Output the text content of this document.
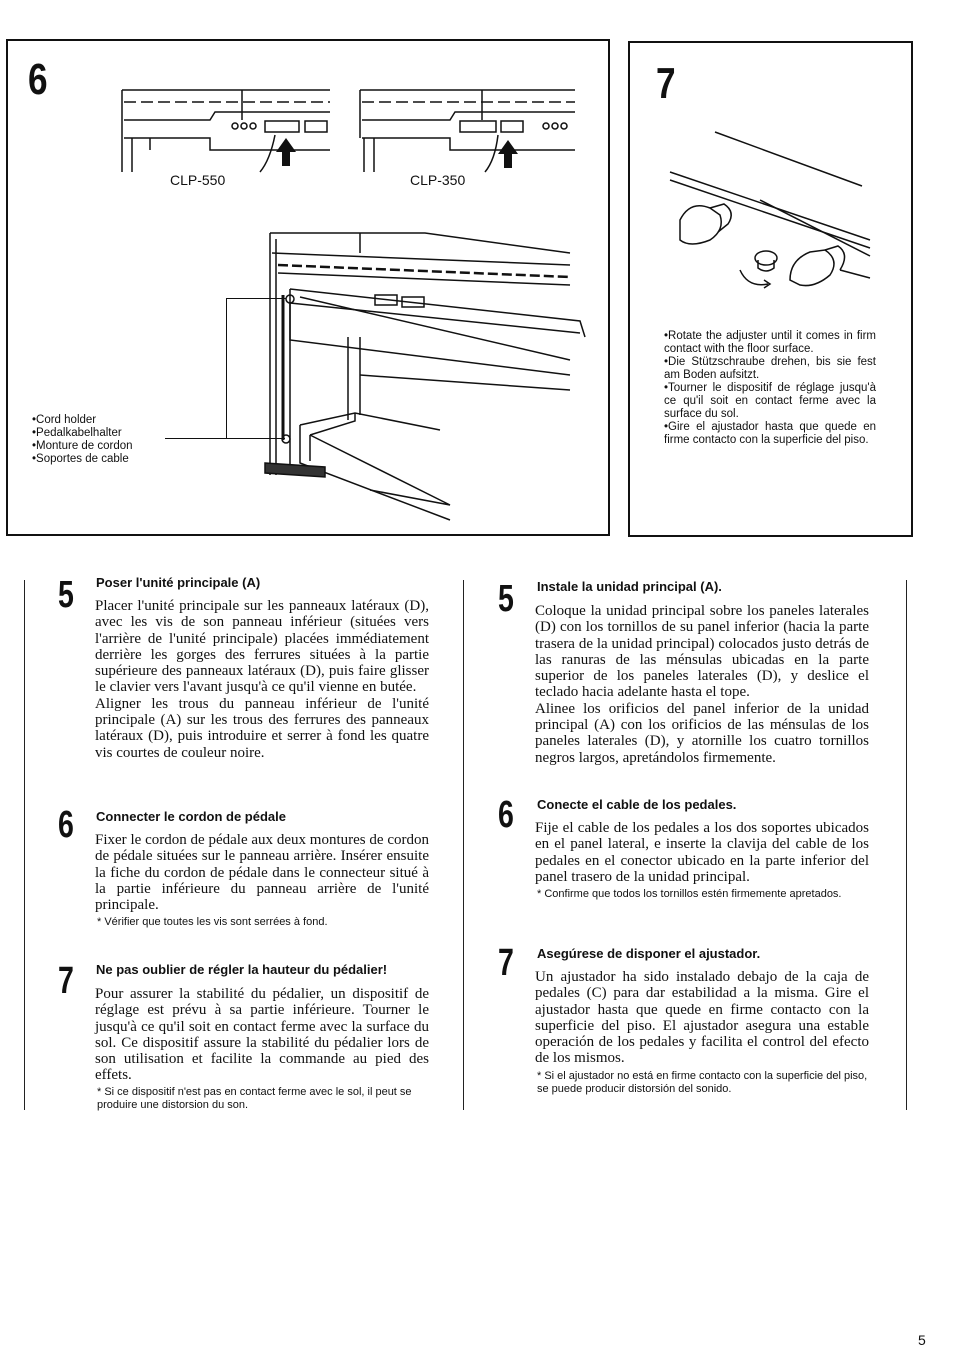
6
CLP-550	CLP-350
•Cord holder
•Pedalkabelhalter
•Monture de cordon
•Soportes de cable
7

•Rotate the adjuster until it comes in firm contact with the floor surface.

•Die Stützschraube drehen, bis sie fest am Boden aufsitzt.

•Tourner le dispositif de réglage jusqu'à ce qu'il soit en contact ferme avec la surface du sol.

•Gire el ajustador hasta que quede en firme contacto con la superficie del piso.

5 Poser l'unité principale (A)

Placer l'unité principale sur les panneaux latéraux (D), avec les vis de son panneau inférieur (situées vers l'arrière de l'unité principale) placées immédiatement derrière les gorges des ferrures situées à la partie supérieure des panneaux latéraux (D), puis faire glisser le clavier vers l'avant jusqu'à ce qu'il vienne en butée.

Aligner les trous du panneau inférieur de l'unité principale (A) sur les trous des ferrures des panneaux latéraux (D), puis introduire et serrer à fond les quatre vis courtes de couleur noire.

6 Connecter le cordon de pédale

Fixer le cordon de pédale aux deux montures de cordon de pédale situées sur le panneau arrière. Insérer ensuite la fiche du cordon de pédale dans le connecteur situé à la partie inférieure du panneau arrière de l'unité principale.

* Vérifier que toutes les vis sont serrées à fond.
7 Ne pas oublier de régler la hauteur du pédalier!

Pour assurer la stabilité du pédalier, un dispositif de réglage est prévu à sa partie inférieure. Tourner le jusqu'à ce qu'il soit en contact ferme avec la surface du sol. Ce dispositif assure la stabilité du pédalier lors de son utilisation et facilite la commande au pied des effets.

* Si ce dispositif n'est pas en contact ferme avec le sol, il peut se produire une distorsion du son.
5 Instale la unidad principal (A).

Coloque la unidad principal sobre los paneles laterales (D) con los tornillos de su panel inferior (hacia la parte trasera de la unidad principal) colocados justo detrás de las ranuras de las ménsulas ubicadas en la parte superior de los paneles laterales (D), y deslice el teclado hacia adelante hasta el tope.

Alinee los orificios del panel inferior de la unidad principal (A) con los orificios de las ménsulas de los paneles laterales (D), y atornille los cuatro tornillos negros largos, apretándolos firmemente.

6 Conecte el cable de los pedales.

Fije el cable de los pedales a los dos soportes ubicados en el panel lateral, e inserte la clavija del cable de los pedales en el conector ubicado en la parte inferior del panel trasero de la unidad principal.

* Confirme que todos los tornillos estén firmemente apretados.
7 Asegúrese de disponer el ajustador.

Un ajustador ha sido instalado debajo de la caja de pedales (C) para dar estabilidad a la misma. Gire el ajustador hasta que quede en firme contacto con la superficie del piso. El ajustador asegura una estable operación de los pedales y facilita el control del efecto de los mismos.

* Si el ajustador no está en firme contacto con la superficie del piso, se puede producir distorsión del sonido.
5
